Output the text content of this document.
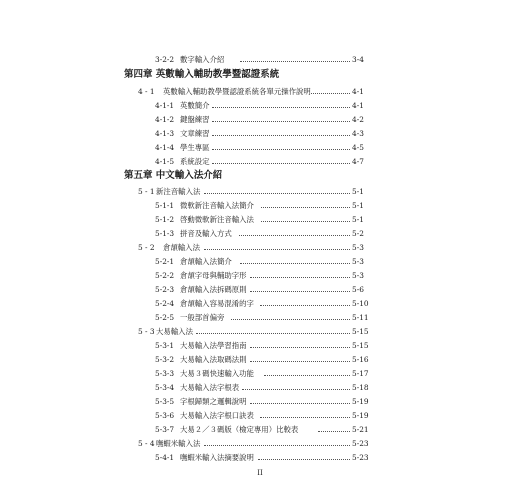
3-2-2 數字輸入介紹	3-4
第四章 英數輸入輔助教學暨認證系統
4 - 1 英數輸入輔助教學暨認證系統各單元操作說明	4-1
4-1-1 英數簡介	4-1
4-1-2 鍵盤練習	4-2
4-1-3 文章練習	4-3
4-1-4 學生專區	4-5
4-1-5 系統設定	4-7
第五章 中文輸入法介紹
5 - 1 新注音輸入法	5-1
5-1-1 微軟新注音輸入法簡介	5-1
5-1-2 啓動微軟新注音輸入法	5-1
5-1-3 拼音及輸入方式	5-2
5 - 2 倉頡輸入法	5-3
5-2-1 倉頡輸入法簡介	5-3
5-2-2 倉頡字母與輔助字形	5-3
5-2-3 倉頡輸入法拆碼原則	5-6
5-2-4 倉頡輸入容易混淆的字	5-10
5-2-5 一般部首偏旁	5-11
5 - 3 大易輸入法	5-15
5-3-1 大易輸入法學習指南	5-15
5-3-2 大易輸入法取碼法則	5-16
5-3-3 大易３碼快速輸入功能	5-17
5-3-4 大易輸入法字根表	5-18
5-3-5 字根歸類之邏輯說明	5-19
5-3-6 大易輸入法字根口訣表	5-19
5-3-7 大易２／３碼版（檢定專用）比較表	5-21
5 - 4 嘸蝦米輸入法	5-23
5-4-1 嘸蝦米輸入法摘要說明	5-23
II
